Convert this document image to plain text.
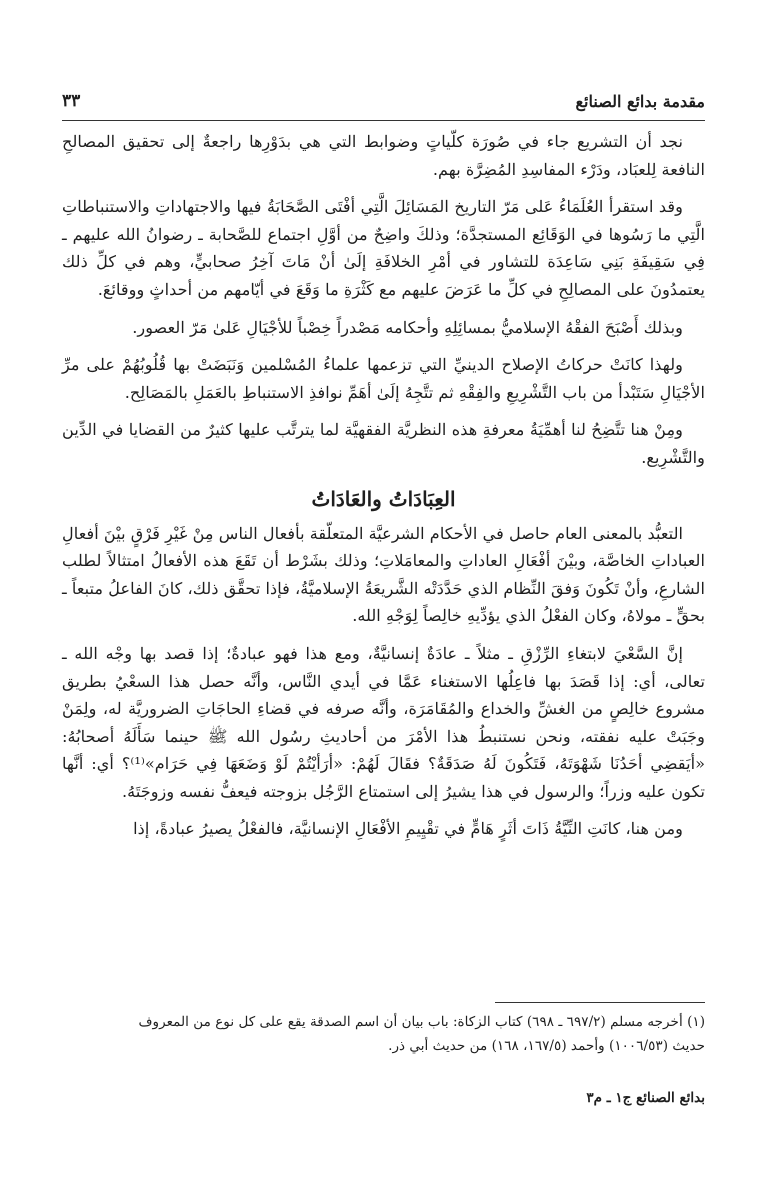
مقدمة بدائع الصنائع
٣٣

نجد أن التشريع جاء في صُورَة كلّياتٍ وضوابط التي هي بدَوْرِها راجعةٌ إلى تحقيق المصالحِ النافعة لِلعبَاد، ودَرْء المفاسِدِ المُضِرَّة بهم.

وقد استقرأ العُلَمَاءُ عَلى مَرّ التاريخ المَسَائِلَ الَّتِي أفْتَى الصَّحَابَةُ فيها والاجتهاداتِ والاستنباطاتِ الَّتِي ما رَسُوها في الوَقَائِع المستجدَّة؛ وذلكَ واضِحٌ من أوَّلِ اجتماع للصَّحابة ـ رضوانُ الله عليهم ـ فِي سَقِيفَةِ بَنِي سَاعِدَة للتشاور في أمْرِ الخلافَةِ إلَىٰ أنْ مَاتَ آخِرُ صحابيٍّ، وهم في كلِّ ذلك يعتمدُونَ على المصالِحِ في كلِّ ما عَرَضَ عليهم مع كَثْرَةِ ما وَقَعَ في أيّامهم من أحداثٍ ووقائعَ.

وبذلك أَصْبَحَ الفقْهُ الإسلاميُّ بمسائِلِهِ وأحكامه مَصْدراً خِصْباً للأجْيَالِ عَلىٰ مَرّ العصور.

ولهذا كانَتْ حركاتُ الإصلاح الدينيِّ التي تزعمها علماءُ المُسْلمين وَنَبَضَتْ بها قُلُوبُهُمْ على مرِّ الأجْيَالِ سَتَبْدأ من باب التَّشْرِيعِ والفِقْهِ ثم تتَّجِهُ إلَىٰ أهَمِّ نوافذِ الاستنباطِ بالعَمَلِ بالمَصَالِح.

ومِنْ هنا تتَّضِحُ لنا أهمِّيَةُ معرفةِ هذه النظريَّة الفقهيَّة لما يترتَّب عليها كثيرٌ من القضايا في الدِّين والتَّشْرِيع.

العِبَادَاتُ والعَادَاتُ

التعبُّد بالمعنى العام حاصل في الأحكام الشرعيَّة المتعلّقة بأفعال الناس مِنْ غَيْرِ فَرْقٍ بيْنَ أفعالِ العباداتِ الخاصَّة، وبيْنَ أفْعَالِ العاداتِ والمعامَلاتِ؛ وذلك بشَرْط أن تَقَعَ هذه الأفعالُ امتثالاً لطلب الشارعِ، وأنْ تَكُونَ وَفقَ النِّظام الذي حَدَّدَتْه الشَّريعَةُ الإسلاميَّةُ، فإذا تحقَّق ذلك، كانَ الفاعلُ متبعاً ـ بحقٍّ ـ مولاهُ، وكان الفعْلُ الذي يؤدِّيهِ خالِصاً لِوَجْهِ الله.

إنَّ السَّعْيَ لابتغاءِ الرِّزْقِ ـ مثلاً ـ عادَةٌ إنسانيَّةٌ، ومع هذا فهو عبادةٌ؛ إذا قصد بها وجْه الله ـ تعالى، أي: إذا قَصَدَ بها فاعِلُها الاستغناء عَمَّا في أيدي النَّاس، وأنَّه حصل هذا السعْيُ بطريق مشروع خالِصٍ من الغشِّ والخداع والمُقَامَرَة، وأنَّه صرفه في قضاءِ الحاجَاتِ الضروريَّة له، ولِمَنْ وجَبَتْ عليه نفقته، ونحن نستنبطُ هذا الأمْرَ من أحاديثِ رسُول الله ﷺ حينما سَأَلَهُ أصحابُهُ: «أيَقضِي أحَدُنَا شَهْوَتَهُ، فَتَكُونَ لَهُ صَدَقَةٌ؟ فقَالَ لَهُمْ: «أرَأيْتُمْ لَوْ وَضَعَهَا فِي حَرَام»⁽¹⁾؟ أي: أنَّها تكون عليه وزراً؛ والرسول في هذا يشيرُ إلى استمتاع الرَّجُل بزوجته فيعفُّ نفسه وزوجَتَهُ.

ومن هنا، كانَتِ النِّيَّةُ ذَاتَ أثَرٍ هَامٍّ في تقْيِيمِ الأفْعَالِ الإنسانيَّة، فالفعْلُ يصيرُ عبادةً، إذا

(١) أخرجه مسلم (٦٩٧/٢ ـ ٦٩٨) كتاب الزكاة: باب بيان أن اسم الصدقة يقع على كل نوع من المعروف

حديث (١٠٠٦/٥٣) وأحمد (١٦٧/٥، ١٦٨) من حديث أبي ذر.

بدائع الصنائع ج١ ـ م٣
